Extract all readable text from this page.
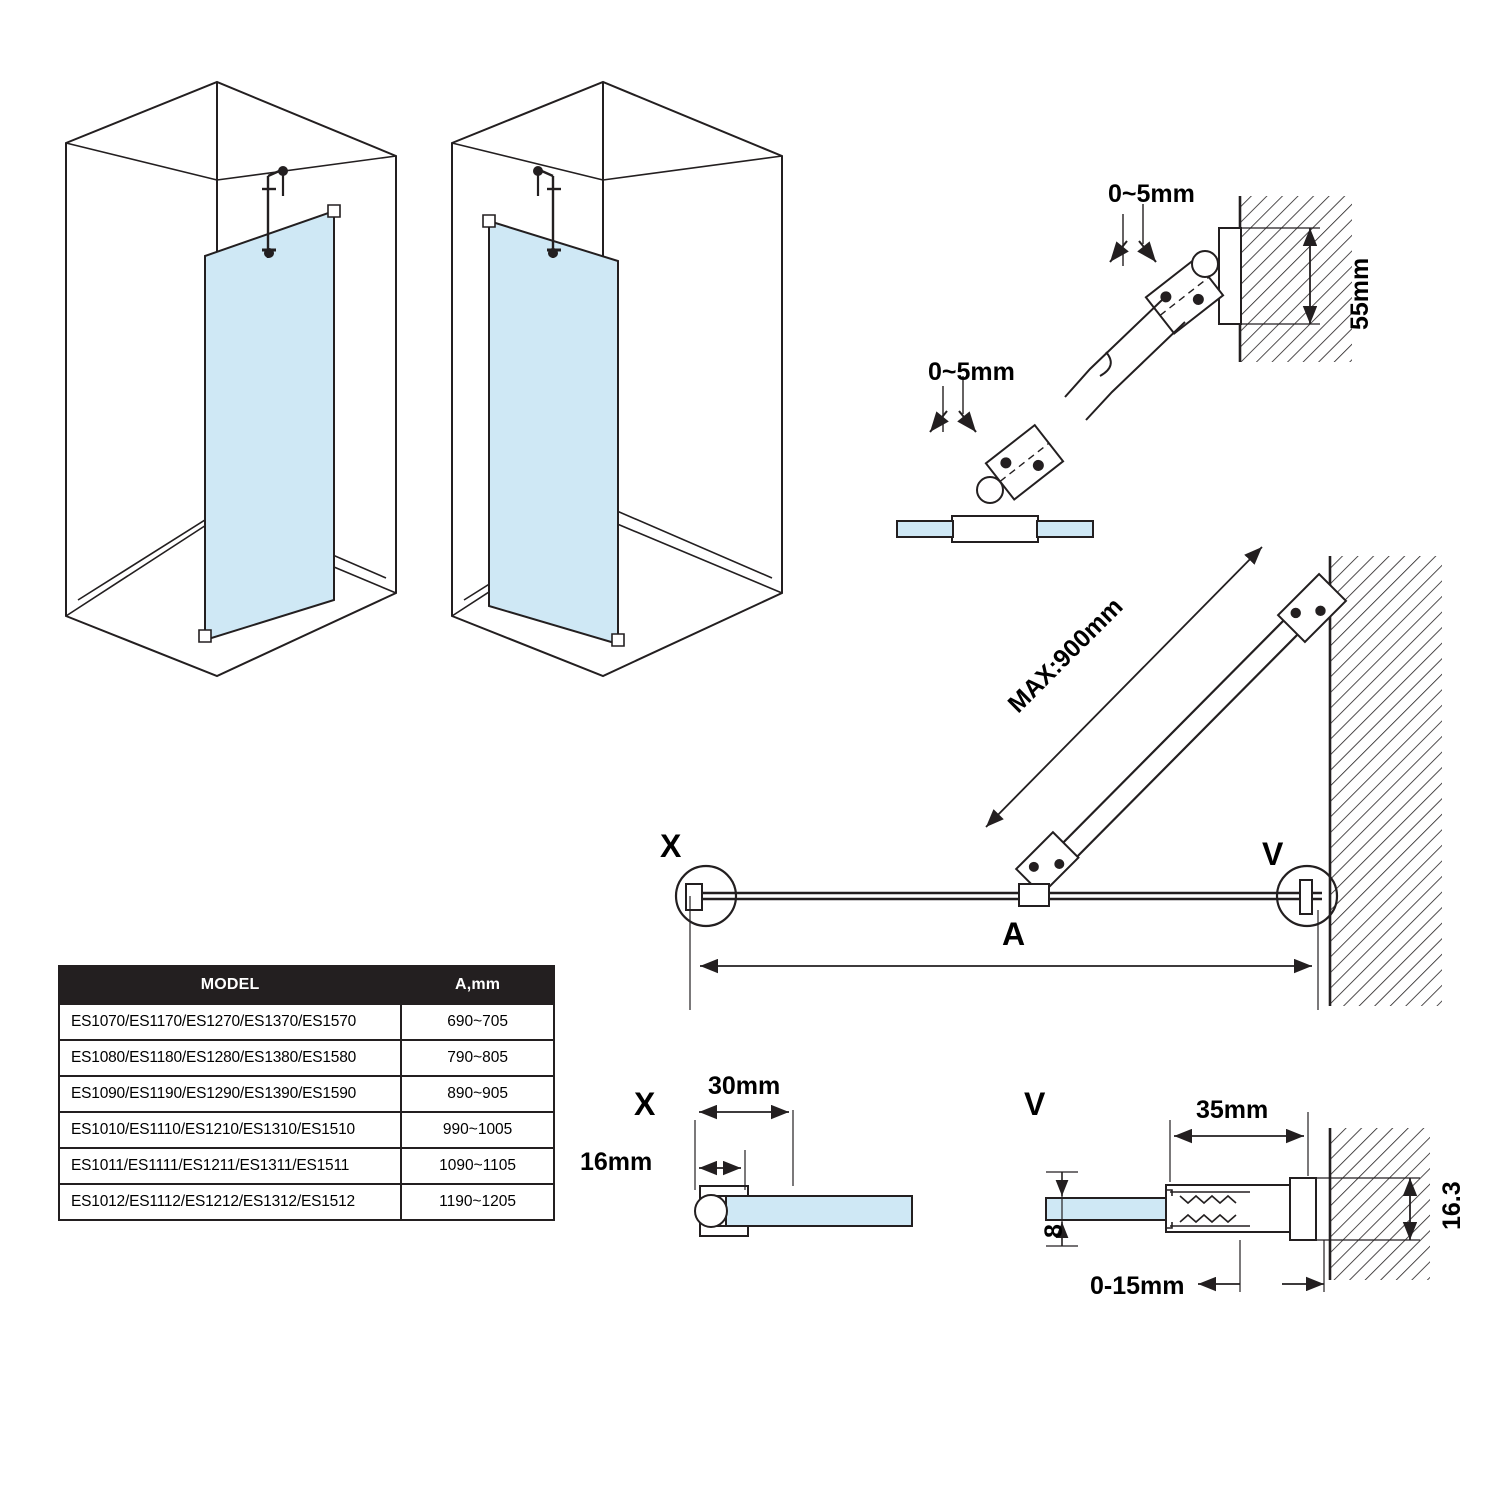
0~5mm
0~5mm
55mm
MAX:900mm
X	V
A
X 30mm
16mm
V	35mm
16.3
8
0-15mm
MODEL	A,mm
ES1070/ES1170/ES1270/ES1370/ES1570	690~705
ES1080/ES1180/ES1280/ES1380/ES1580	790~805
ES1090/ES1190/ES1290/ES1390/ES1590	890~905
ES1010/ES1110/ES1210/ES1310/ES1510	990~1005
ES1011/ES1111/ES1211/ES1311/ES1511	1090~1105
ES1012/ES1112/ES1212/ES1312/ES1512	1190~1205
